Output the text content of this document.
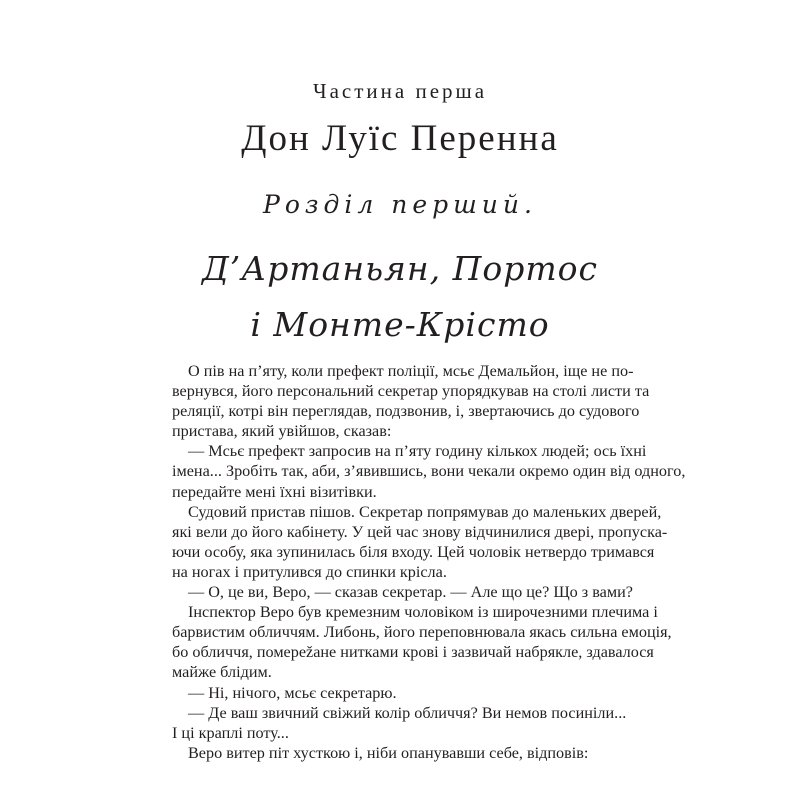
Частина перша
Дон Луїс Перенна
Розділ перший.
Д’Артаньян, Портос
і Монте-Крісто
О пів на п’яту, коли префект поліції, мсьє Демальйон, іще не по-
вернувся, його персональний секретар упорядкував на столі листи та
реляції, котрі він переглядав, подзвонив, і, звертаючись до судового
пристава, який увійшов, сказав:
— Мсьє префект запросив на п’яту годину кількох людей; ось їхні
імена... Зробіть так, аби, з’явившись, вони чекали окремо один від одного,
передайте мені їхні візитівки.
Судовий пристав пішов. Секретар попрямував до маленьких дверей,
які вели до його кабінету. У цей час знову відчинилися двері, пропуска-
ючи особу, яка зупинилась біля входу. Цей чоловік нетвердо тримався
на ногах і притулився до спинки крісла.
— О, це ви, Веро, — сказав секретар. — Але що це? Що з вами?
Інспектор Веро був кремезним чоловіком із широчезними плечима і
барвистим обличчям. Либонь, його переповнювала якась сильна емоція,
бо обличчя, померežане нитками крові і зазвичай набрякле, здавалося
майже блідим.
— Ні, нічого, мсьє секретарю.
— Де ваш звичний свіжий колір обличчя? Ви немов посиніли...
І ці краплі поту...
Веро витер піт хусткою і, ніби опанувавши себе, відповів:
